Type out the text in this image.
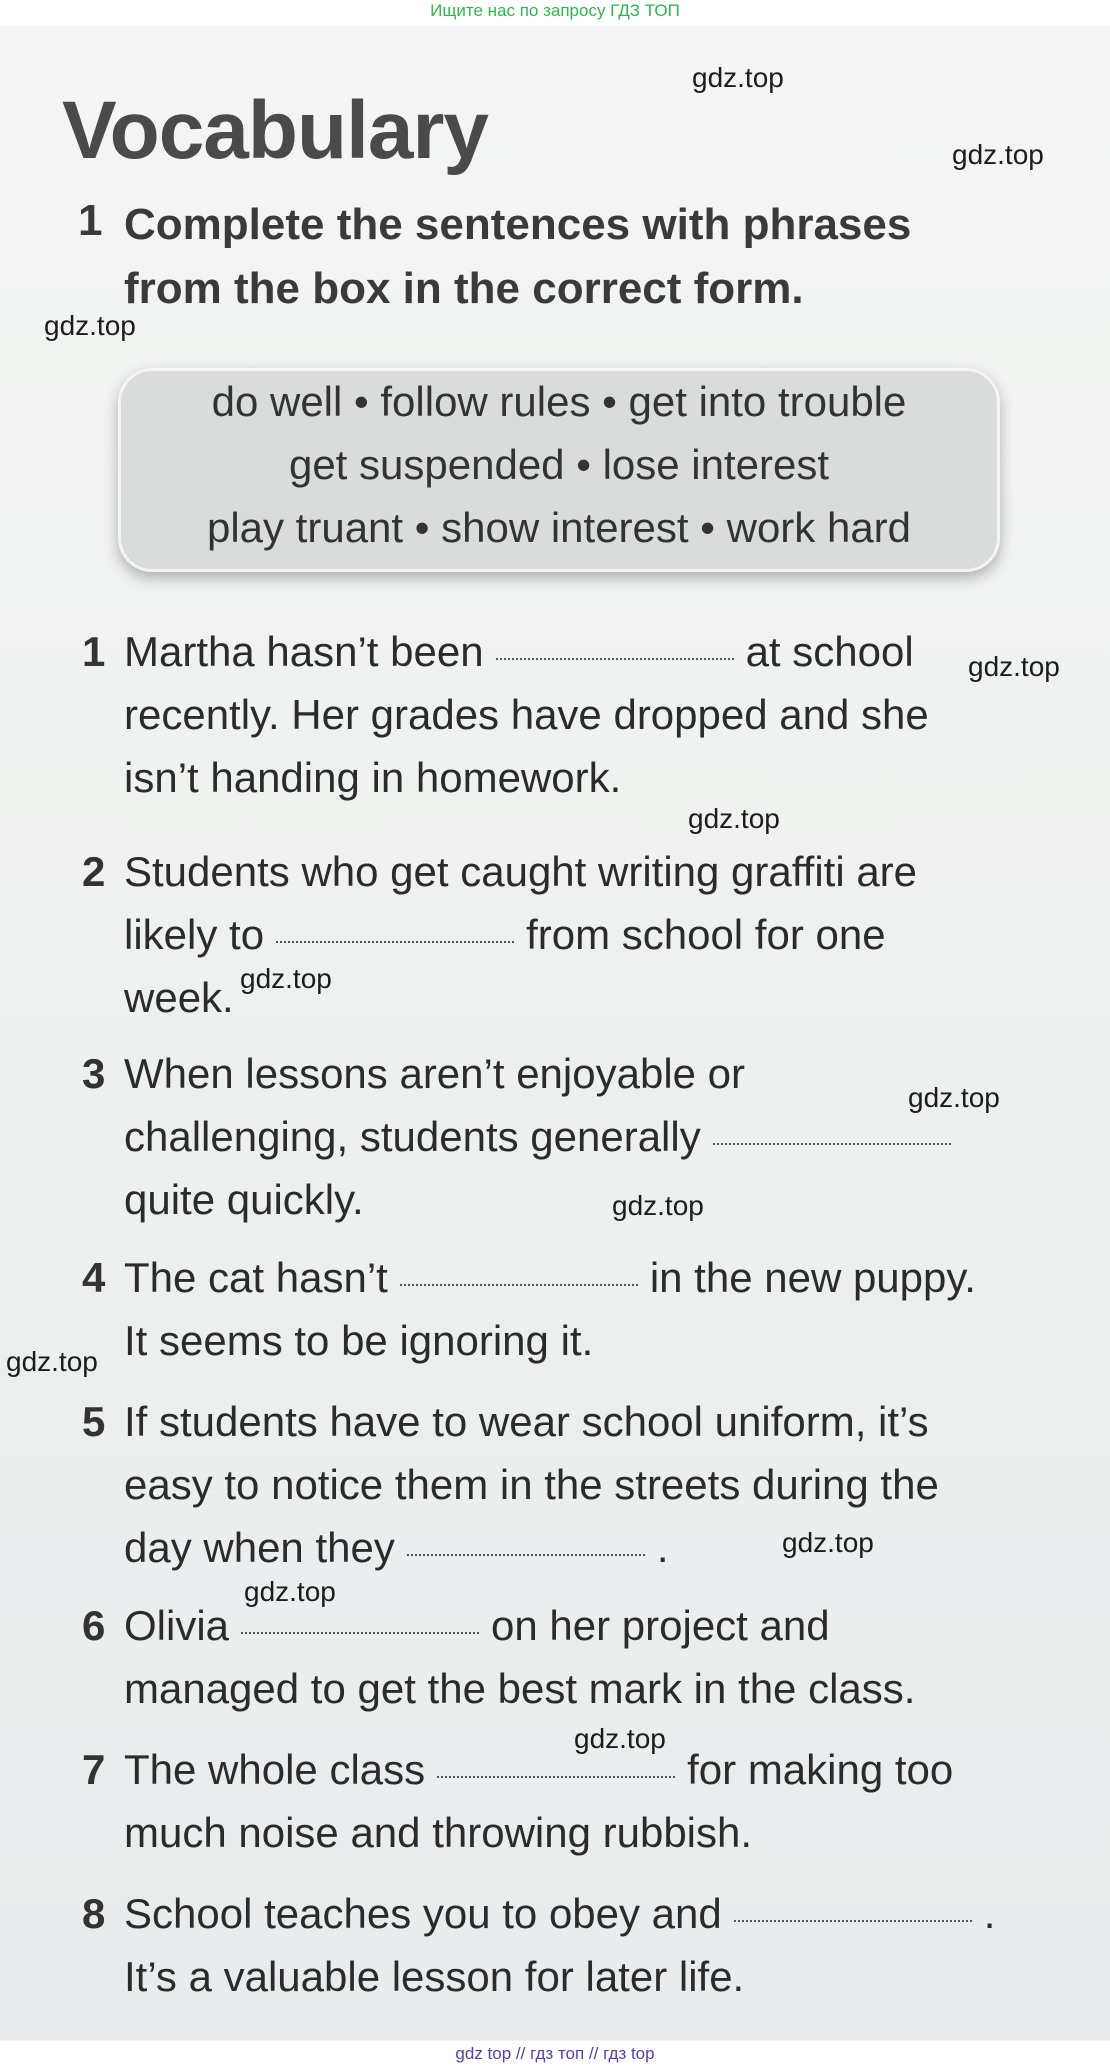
Ищите нас по запросу ГДЗ ТОП
Vocabulary
1 Complete the sentences with phrases
from the box in the correct form.
do well • follow rules • get into trouble
get suspended • lose interest
play truant • show interest • work hard
1 Martha hasn’t been	at school
recently. Her grades have dropped and she
isn’t handing in homework.
2 Students who get caught writing graffiti are
likely to	from school for one
week.
3 When lessons aren’t enjoyable or
challenging, students generally
quite quickly.
4 The cat hasn’t	in the new puppy.
It seems to be ignoring it.
5 If students have to wear school uniform, it’s
easy to notice them in the streets during the
day when they	.
6 Olivia	on her project and
managed to get the best mark in the class.
7 The whole class	for making too
much noise and throwing rubbish.
8 School teaches you to obey and	.
It’s a valuable lesson for later life.
gdz.top
gdz.top
gdz.top
gdz.top
gdz.top
gdz.top
gdz.top
gdz.top
gdz.top
gdz.top
gdz.top
gdz.top
gdz top // гдз топ // гдз top
